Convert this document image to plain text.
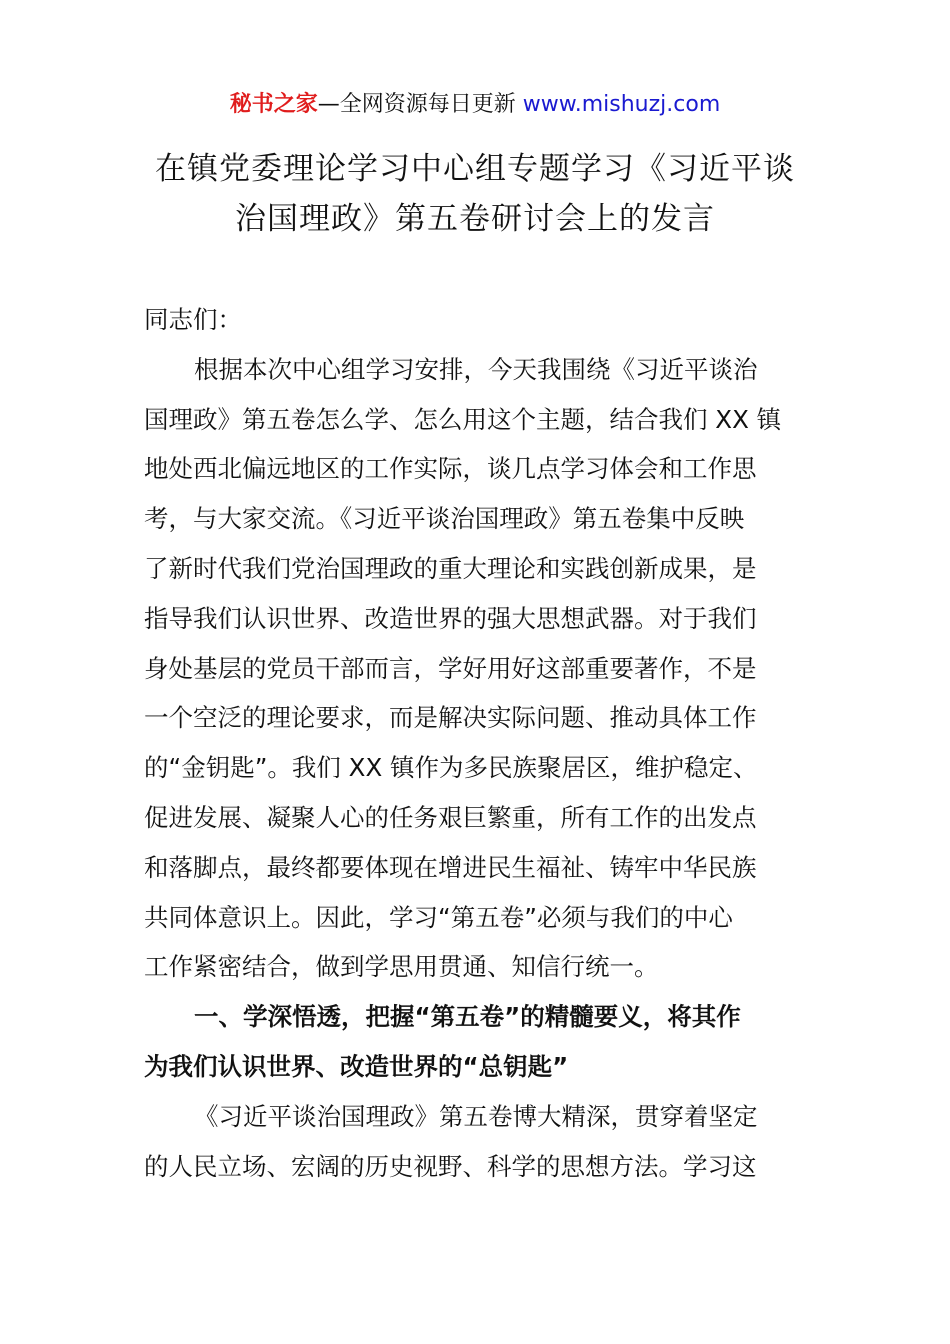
秘书之家—全网资源每日更新 www.mishuzj.com
在镇党委理论学习中心组专题学习《习近平谈
治国理政》第五卷研讨会上的发言
同志们：
根据本次中心组学习安排，今天我围绕《习近平谈治
国理政》第五卷怎么学、怎么用这个主题，结合我们 XX 镇
地处西北偏远地区的工作实际，谈几点学习体会和工作思
考，与大家交流。《习近平谈治国理政》第五卷集中反映
了新时代我们党治国理政的重大理论和实践创新成果，是
指导我们认识世界、改造世界的强大思想武器。对于我们
身处基层的党员干部而言，学好用好这部重要著作，不是
一个空泛的理论要求，而是解决实际问题、推动具体工作
的“金钥匙”。我们 XX 镇作为多民族聚居区，维护稳定、
促进发展、凝聚人心的任务艰巨繁重，所有工作的出发点
和落脚点，最终都要体现在增进民生福祉、铸牢中华民族
共同体意识上。因此，学习“第五卷”必须与我们的中心
工作紧密结合，做到学思用贯通、知信行统一。
一、学深悟透，把握“第五卷”的精髓要义，将其作
为我们认识世界、改造世界的“总钥匙”
《习近平谈治国理政》第五卷博大精深，贯穿着坚定
的人民立场、宏阔的历史视野、科学的思想方法。学习这
